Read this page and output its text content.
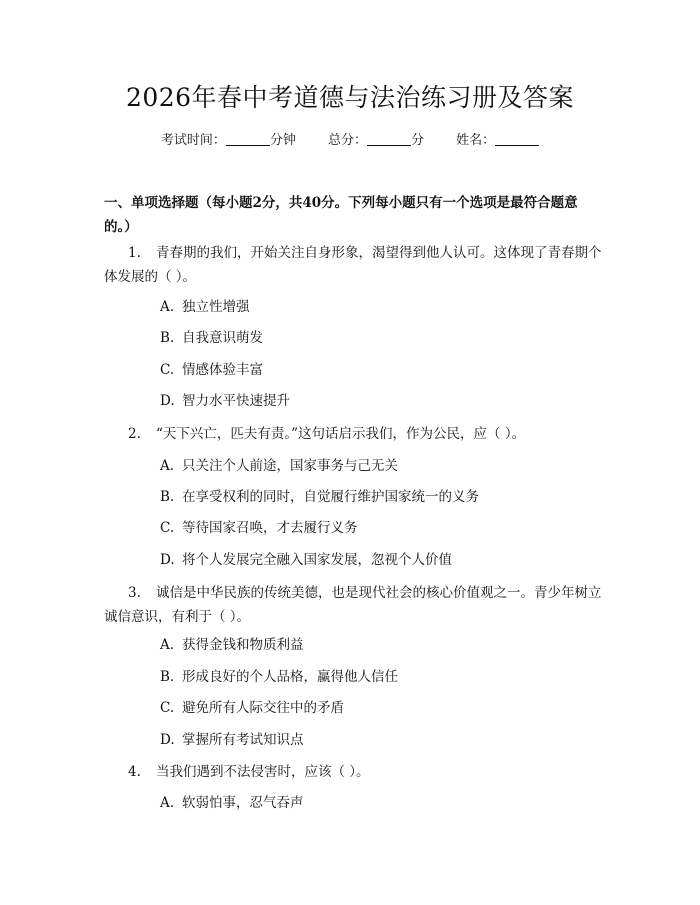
2026年春中考道德与法治练习册及答案
考试时间：	分钟 总分：	分 姓名：
一、单项选择题（每小题2分，共40分。下列每小题只有一个选项是最符合题意的。）
1. 青春期的我们，开始关注自身形象，渴望得到他人认可。这体现了青春期个体发展的（ ）。
A. 独立性增强
B. 自我意识萌发
C. 情感体验丰富
D. 智力水平快速提升
2. “天下兴亡，匹夫有责。”这句话启示我们，作为公民，应（ ）。
A. 只关注个人前途，国家事务与己无关
B. 在享受权利的同时，自觉履行维护国家统一的义务
C. 等待国家召唤，才去履行义务
D. 将个人发展完全融入国家发展，忽视个人价值
3. 诚信是中华民族的传统美德，也是现代社会的核心价值观之一。青少年树立诚信意识，有利于（ ）。
A. 获得金钱和物质利益
B. 形成良好的个人品格，赢得他人信任
C. 避免所有人际交往中的矛盾
D. 掌握所有考试知识点
4. 当我们遇到不法侵害时，应该（ ）。
A. 软弱怕事，忍气吞声
